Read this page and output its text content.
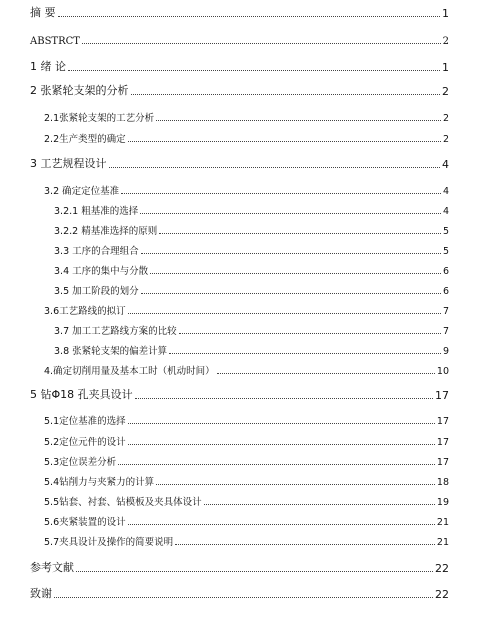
摘 要	1
ABSTRCT	2
1 绪 论	1
2 张紧轮支架的分析	2
2.1张紧轮支架的工艺分析	2
2.2生产类型的确定	2
3 工艺规程设计	4
3.2 确定定位基准	4
3.2.1 粗基准的选择	4
3.2.2 精基准选择的原则	5
3.3 工序的合理组合	5
3.4 工序的集中与分散	6
3.5 加工阶段的划分	6
3.6工艺路线的拟订	7
3.7 加工工艺路线方案的比较	7
3.8 张紧轮支架的偏差计算	9
4.确定切削用量及基本工时（机动时间）	10
5 钻Φ18 孔夹具设计	17
5.1定位基准的选择	17
5.2定位元件的设计	17
5.3定位误差分析	17
5.4钻削力与夹紧力的计算	18
5.5钻套、衬套、钻模板及夹具体设计	19
5.6夹紧装置的设计	21
5.7夹具设计及操作的简要说明	21
参考文献	22
致谢	22
